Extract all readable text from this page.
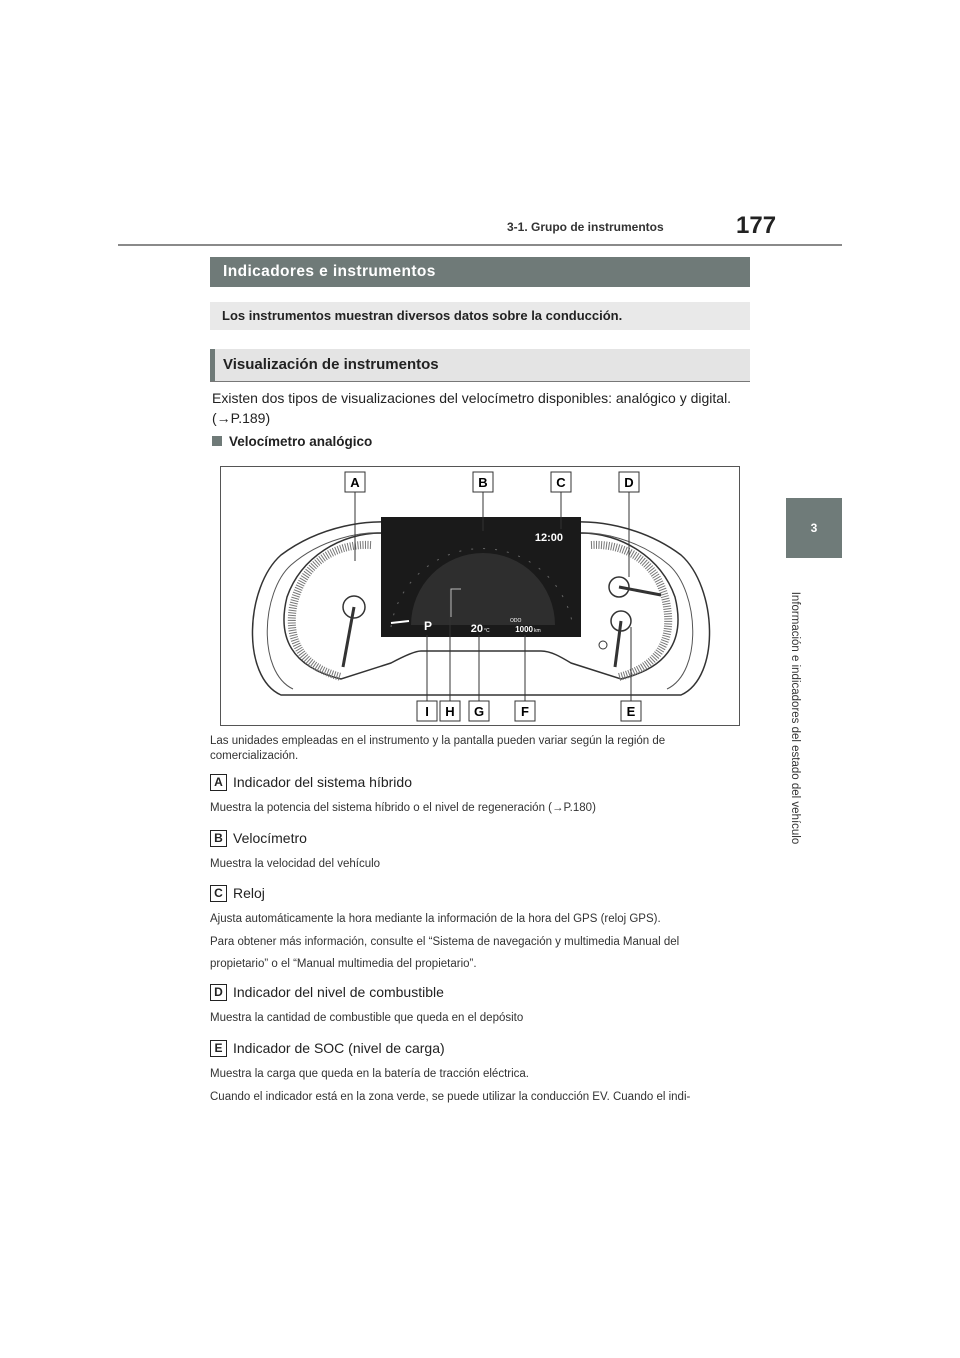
3-1. Grupo de instrumentos	177
3
Información e indicadores del estado del vehículo
Indicadores e instrumentos
Los instrumentos muestran diversos datos sobre la conducción.
Visualización de instrumentos
Existen dos tipos de visualizaciones del velocímetro disponibles: analógico y digital.
(→P.189)
Velocímetro analógico
12:00
P	20 °C
ODO
1000 km
A	B	C	D
I H G	F	E
Las unidades empleadas en el instrumento y la pantalla pueden variar según la región de
comercialización.
A Indicador del sistema híbrido
Muestra la potencia del sistema híbrido o el nivel de regeneración (→P.180)
B Velocímetro
Muestra la velocidad del vehículo
C Reloj
Ajusta automáticamente la hora mediante la información de la hora del GPS (reloj GPS).
Para obtener más información, consulte el “Sistema de navegación y multimedia Manual del
propietario” o el “Manual multimedia del propietario”.
D Indicador del nivel de combustible
Muestra la cantidad de combustible que queda en el depósito
E Indicador de SOC (nivel de carga)
Muestra la carga que queda en la batería de tracción eléctrica.
Cuando el indicador está en la zona verde, se puede utilizar la conducción EV. Cuando el indi-
